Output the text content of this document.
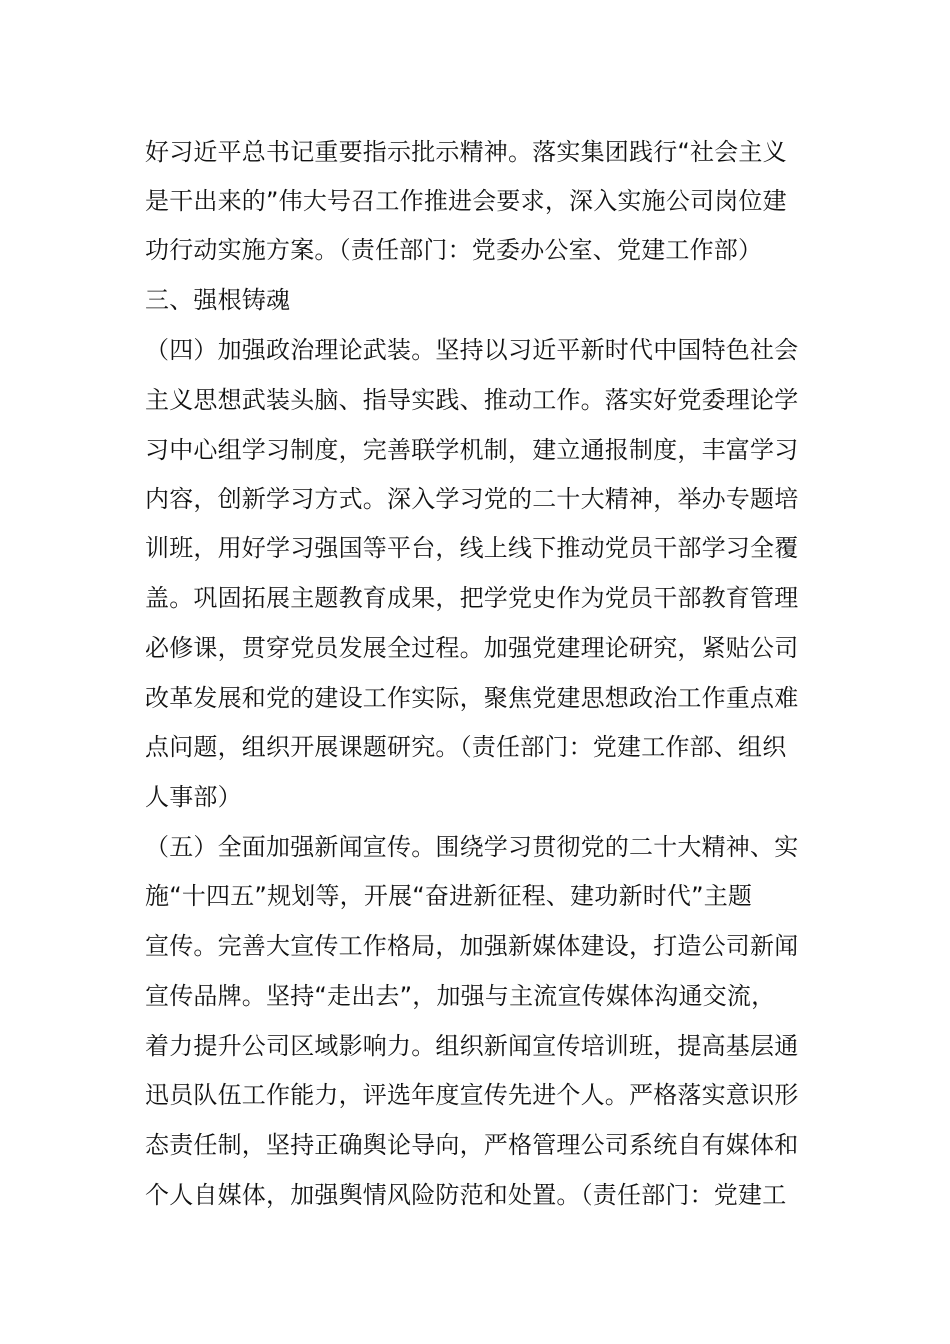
好习近平总书记重要指示批示精神。落实集团践行“社会主义
是干出来的”伟大号召工作推进会要求，深入实施公司岗位建
功行动实施方案。（责任部门：党委办公室、党建工作部）
三、强根铸魂
（四）加强政治理论武装。坚持以习近平新时代中国特色社会
主义思想武装头脑、指导实践、推动工作。落实好党委理论学
习中心组学习制度，完善联学机制，建立通报制度，丰富学习
内容，创新学习方式。深入学习党的二十大精神，举办专题培
训班，用好学习强国等平台，线上线下推动党员干部学习全覆
盖。巩固拓展主题教育成果，把学党史作为党员干部教育管理
必修课，贯穿党员发展全过程。加强党建理论研究，紧贴公司
改革发展和党的建设工作实际，聚焦党建思想政治工作重点难
点问题，组织开展课题研究。（责任部门：党建工作部、组织
人事部）
（五）全面加强新闻宣传。围绕学习贯彻党的二十大精神、实
施“十四五”规划等，开展“奋进新征程、建功新时代”主题
宣传。完善大宣传工作格局，加强新媒体建设，打造公司新闻
宣传品牌。坚持“走出去”，加强与主流宣传媒体沟通交流，
着力提升公司区域影响力。组织新闻宣传培训班，提高基层通
迅员队伍工作能力，评选年度宣传先进个人。严格落实意识形
态责任制，坚持正确舆论导向，严格管理公司系统自有媒体和
个人自媒体，加强舆情风险防范和处置。（责任部门：党建工
